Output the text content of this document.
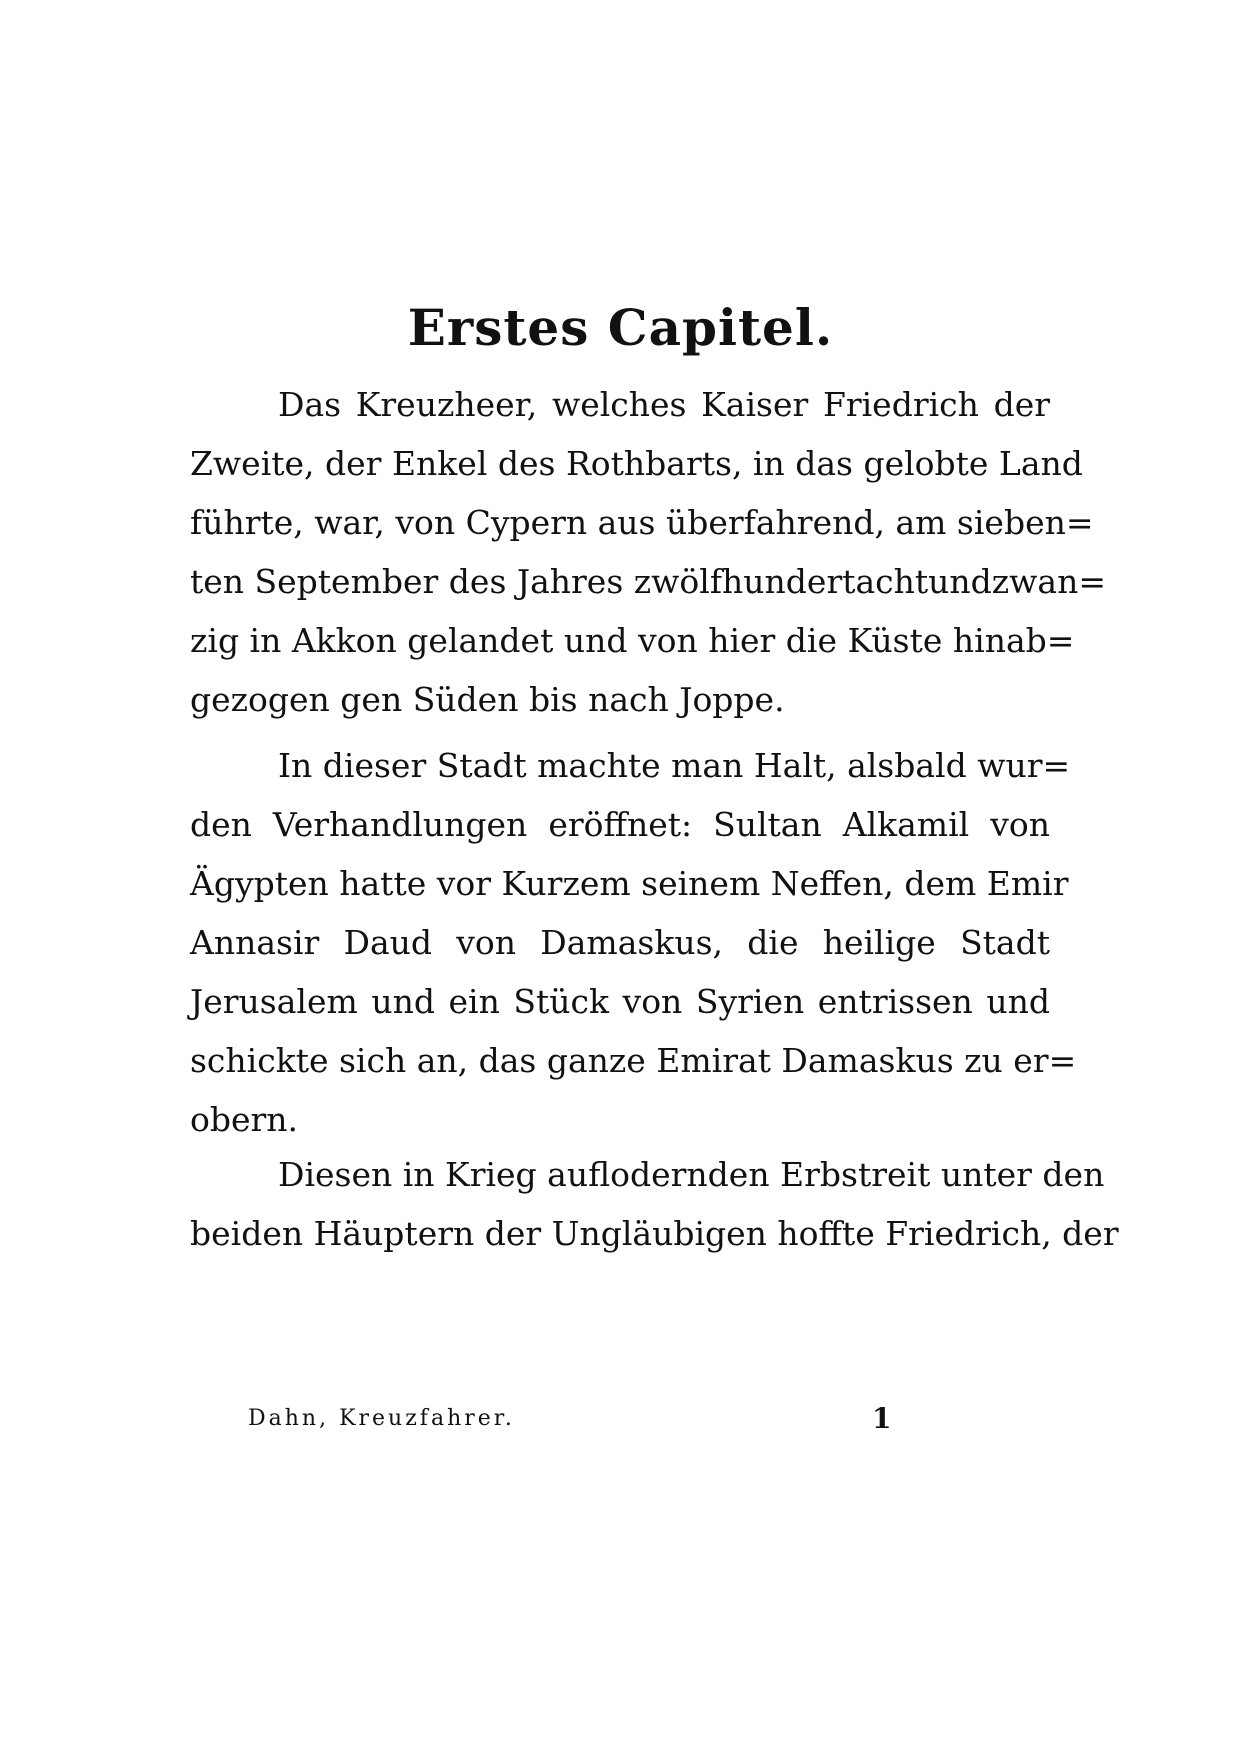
Erstes Capitel.
Das Kreuzheer, welches Kaiser Friedrich der
Zweite, der Enkel des Rothbarts, in das gelobte Land
führte, war, von Cypern aus überfahrend, am sieben=
ten September des Jahres zwölfhundertachtundzwan=
zig in Akkon gelandet und von hier die Küste hinab=
gezogen gen Süden bis nach Joppe.
In dieser Stadt machte man Halt, alsbald wur=
den Verhandlungen eröffnet: Sultan Alkamil von
Ägypten hatte vor Kurzem seinem Neffen, dem Emir
Annasir Daud von Damaskus, die heilige Stadt
Jerusalem und ein Stück von Syrien entrissen und
schickte sich an, das ganze Emirat Damaskus zu er=
obern.
Diesen in Krieg auflodernden Erbstreit unter den
beiden Häuptern der Ungläubigen hoffte Friedrich, der
Dahn, Kreuzfahrer.	1
